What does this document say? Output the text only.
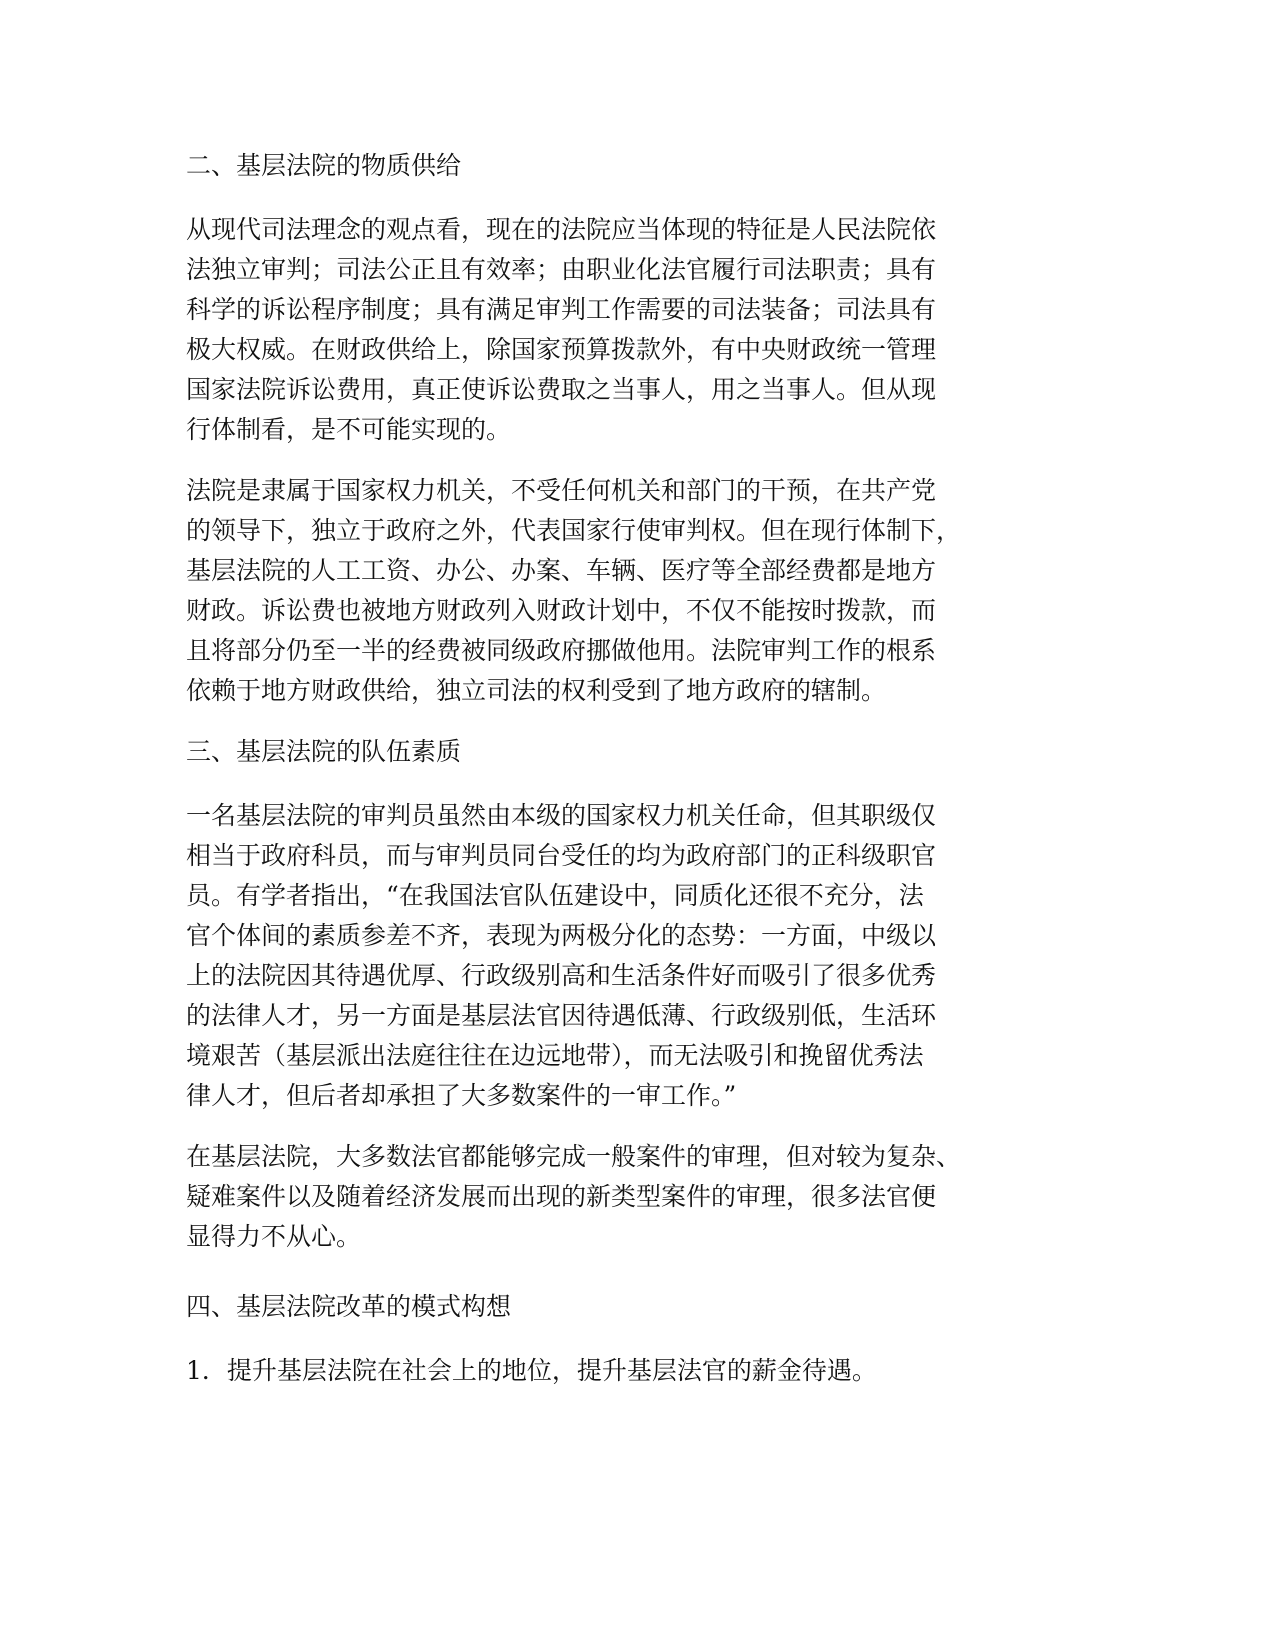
二、基层法院的物质供给
从现代司法理念的观点看，现在的法院应当体现的特征是人民法院依
法独立审判；司法公正且有效率；由职业化法官履行司法职责；具有
科学的诉讼程序制度；具有满足审判工作需要的司法装备；司法具有
极大权威。在财政供给上，除国家预算拨款外，有中央财政统一管理
国家法院诉讼费用，真正使诉讼费取之当事人，用之当事人。但从现
行体制看，是不可能实现的。
法院是隶属于国家权力机关，不受任何机关和部门的干预，在共产党
的领导下，独立于政府之外，代表国家行使审判权。但在现行体制下，
基层法院的人工工资、办公、办案、车辆、医疗等全部经费都是地方
财政。诉讼费也被地方财政列入财政计划中，不仅不能按时拨款，而
且将部分仍至一半的经费被同级政府挪做他用。法院审判工作的根系
依赖于地方财政供给，独立司法的权利受到了地方政府的辖制。
三、基层法院的队伍素质
一名基层法院的审判员虽然由本级的国家权力机关任命，但其职级仅
相当于政府科员，而与审判员同台受任的均为政府部门的正科级职官
员。有学者指出，“在我国法官队伍建设中，同质化还很不充分，法
官个体间的素质参差不齐，表现为两极分化的态势：一方面，中级以
上的法院因其待遇优厚、行政级别高和生活条件好而吸引了很多优秀
的法律人才，另一方面是基层法官因待遇低薄、行政级别低，生活环
境艰苦（基层派出法庭往往在边远地带），而无法吸引和挽留优秀法
律人才，但后者却承担了大多数案件的一审工作。”
在基层法院，大多数法官都能够完成一般案件的审理，但对较为复杂、
疑难案件以及随着经济发展而出现的新类型案件的审理，很多法官便
显得力不从心。
四、基层法院改革的模式构想
1．提升基层法院在社会上的地位，提升基层法官的薪金待遇。
